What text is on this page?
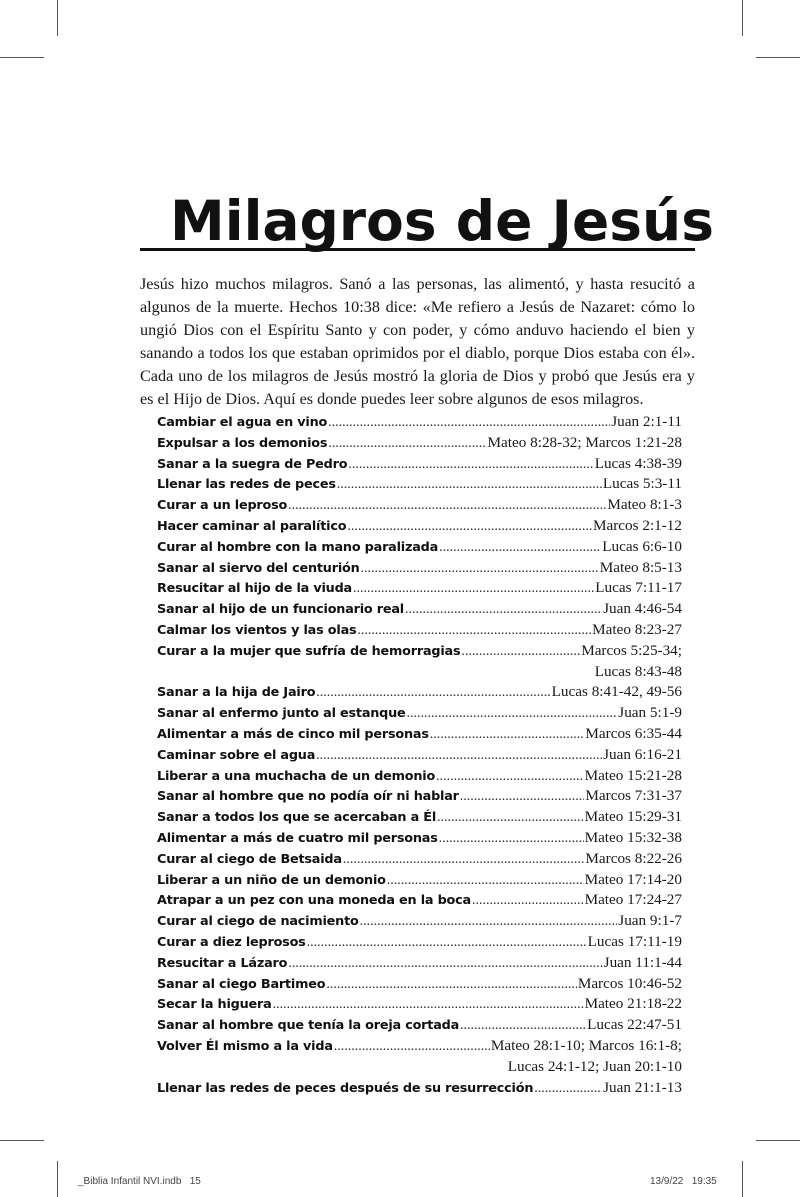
Milagros de Jesús

Jesús hizo muchos milagros. Sanó a las personas, las alimentó, y hasta resucitó a algunos de la muerte. Hechos 10:38 dice: «Me refiero a Jesús de Nazaret: cómo lo ungió Dios con el Espíritu Santo y con poder, y cómo anduvo haciendo el bien y sanando a todos los que estaban oprimidos por el diablo, porque Dios estaba con él». Cada uno de los milagros de Jesús mostró la gloria de Dios y probó que Jesús era y es el Hijo de Dios. Aquí es donde puedes leer sobre algunos de esos milagros.

Cambiar el agua en vino .....	Juan 2:1-11
Expulsar a los demonios .....	Mateo 8:28-32; Marcos 1:21-28
Sanar a la suegra de Pedro .....	Lucas 4:38-39
Llenar las redes de peces .....	Lucas 5:3-11
Curar a un leproso .....	Mateo 8:1-3
Hacer caminar al paralítico .....	Marcos 2:1-12
Curar al hombre con la mano paralizada .....	Lucas 6:6-10
Sanar al siervo del centurión .....	Mateo 8:5-13
Resucitar al hijo de la viuda .....	Lucas 7:11-17
Sanar al hijo de un funcionario real .....	Juan 4:46-54
Calmar los vientos y las olas .....	Mateo 8:23-27
Curar a la mujer que sufría de hemorragias .....	Marcos 5:25-34;
Lucas 8:43-48
Sanar a la hija de Jairo .....	Lucas 8:41-42, 49-56
Sanar al enfermo junto al estanque .....	Juan 5:1-9
Alimentar a más de cinco mil personas .....	Marcos 6:35-44
Caminar sobre el agua .....	Juan 6:16-21
Liberar a una muchacha de un demonio .....	Mateo 15:21-28
Sanar al hombre que no podía oír ni hablar .....	Marcos 7:31-37
Sanar a todos los que se acercaban a Él .....	Mateo 15:29-31
Alimentar a más de cuatro mil personas .....	Mateo 15:32-38
Curar al ciego de Betsaida .....	Marcos 8:22-26
Liberar a un niño de un demonio .....	Mateo 17:14-20
Atrapar a un pez con una moneda en la boca .....	Mateo 17:24-27
Curar al ciego de nacimiento .....	Juan 9:1-7
Curar a diez leprosos .....	Lucas 17:11-19
Resucitar a Lázaro .....	Juan 11:1-44
Sanar al ciego Bartimeo .....	Marcos 10:46-52
Secar la higuera .....	Mateo 21:18-22
Sanar al hombre que tenía la oreja cortada .....	Lucas 22:47-51
Volver Él mismo a la vida .....	Mateo 28:1-10; Marcos 16:1-8;
Lucas 24:1-12; Juan 20:1-10
Llenar las redes de peces después de su resurrección .....	Juan 21:1-13
_Biblia Infantil NVI.indb   15	13/9/22   19:35
